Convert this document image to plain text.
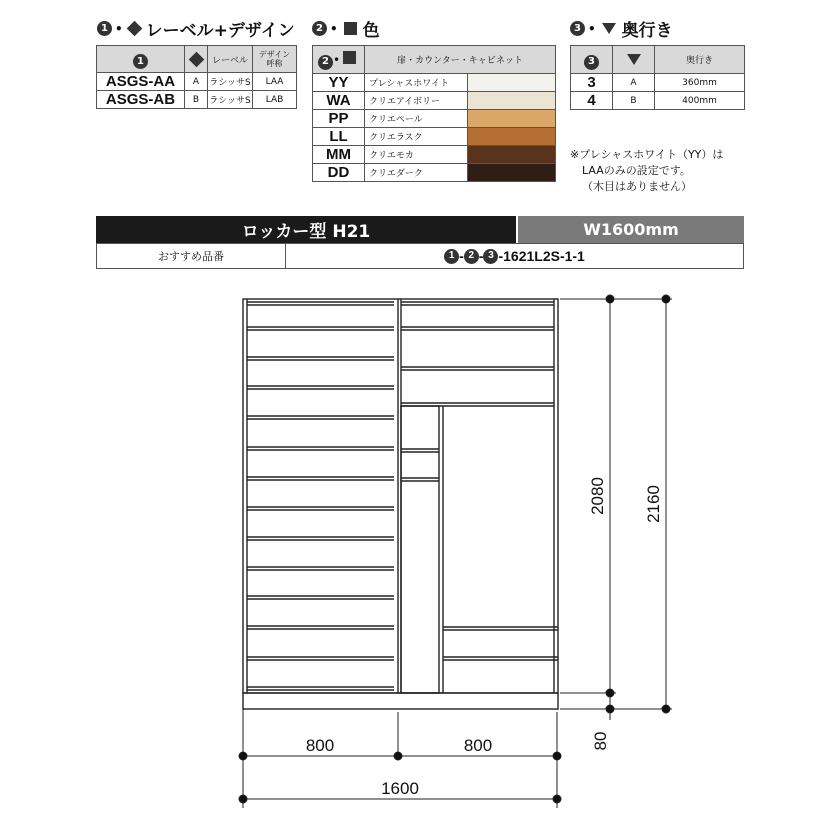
1 • レーベル+デザイン
1		レーベル	デザイン
呼称
ASGS-AA	A	ラシッサS	LAA
ASGS-AB	B	ラシッサS	LAB
2 • 色
2 •	扉・カウンター・キャビネット	
YY	プレシャスホワイト	
WA	クリエアイボリー	
PP	クリエペール	
LL	クリエラスク	
MM	クリエモカ	
DD	クリエダーク	
3 • 奥行き
3		奥行き
3	A	360mm
4	B	400mm
※プレシャスホワイト（YY）は
LAAのみの設定です。
（木目はありません）
ロッカー型 H21	W1600mm
おすすめ品番	1 - 2 - 3 -1621L2S-1-1
800	800
1600
2080 2160
80
